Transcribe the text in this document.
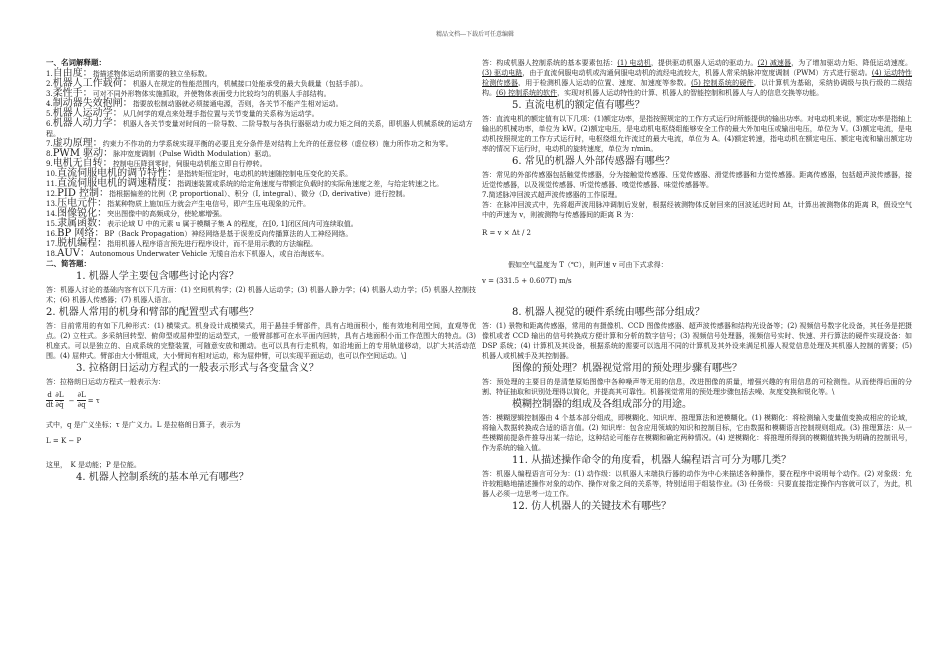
精品文档---下载后可任意编辑
一、名词解释题：

1.自由度：指描述物体运动所需要的独立坐标数。

2.机器人工作载荷：机器人在规定的性能范围内，机械接口处能承受的最大负载量（包括手部）。

3.柔性手：可对不同外形物体实施抓取，并使物体表面受力比较均匀的机器人手部结构。

4.制动器失效抱闸：指要放松制动器就必须接通电源，否则，各关节不能产生相对运动。

5.机器人运动学：从几何学的观点来处理手指位置与关节变量的关系称为运动学。

6.机器人动力学：机器人各关节变量对时间的一阶导数、二阶导数与各执行器驱动力或力矩之间的关系，即机器人机械系统的运动方程。

7.虚功原理：约束力不作功的力学系统实现平衡的必要且充分条件是对结构上允许的任意位移（虚位移）施力所作功之和为零。

8.PWM 驱动：脉冲宽度调制（Pulse Width Modulation）驱动。

9.电机无自转：控制电压降到零时，伺服电动机能立即自行停转。

10.直流伺服电机的调节特性：是指转矩恒定时，电动机的转速随控制电压变化的关系。

11.直流伺服电机的调速精度：指调速装置或系统的给定角速度与带额定负载时的实际角速度之差，与给定转速之比。

12.PID 控制：指根据偏差的比例（P, proportional）、积分（I, integral）、微分（D, derivative）进行控制。

13.压电元件：指某种物质上施加压力就会产生电信号，即产生压电现象的元件。

14.图像锐化：突出图像中的高频成分，使轮廓增强。

15.隶属函数：表示论域 U 中的元素 u 属于模糊子集 A 的程度，在[0, 1]闭区间内可连续取值。

16.BP 网络：BP（Back Propagation）神经网络是基于误差反向传播算法的人工神经网络。

17.脱机编程：指用机器人程序语言预先进行程序设计，而不是用示教的方法编程。

18.AUV：Autonomous Underwater Vehicle 无缆自治水下机器人，或自治海底车。

二、简答题：
1. 机器人学主要包含哪些讨论内容？

答：机器人讨论的基础内容有以下几方面：(1) 空间机构学；(2) 机器人运动学；(3) 机器人静力学；(4) 机器人动力学；(5) 机器人控制技术；(6) 机器人传感器；(7) 机器人语言。

2. 机器人常用的机身和臂部的配置型式有哪些？

答：目前常用的有如下几种形式：(1) 横梁式。机身设计成横梁式，用于悬挂手臂部件，具有占地面积小，能有效地利用空间，直观等优点。(2) 立柱式。多采纳回转型、俯仰型或屈伸型的运动型式，一般臂部都可在水平面内回转，具有占地面积小而工作范围大的特点。(3) 机座式。可以是独立的、自成系统的完整装置，可随意安放和搬动。也可以具有行走机构，如沿地面上的专用轨道移动，以扩大其活动范围。(4) 屈伸式。臂部由大小臂组成，大小臂间有相对运动，称为屈伸臂，可以实现平面运动，也可以作空间运动。\]

3. 拉格朗日运动方程式的一般表示形式与各变量含义？

答：拉格朗日运动方程式一般表示为：

$\frac{d}{dt} \frac{\partial L}{\partial q̇} - \frac{\partial L}{\partial q} = \tau$

式中，q 是广义坐标；τ 是广义力。L 是拉格朗日算子，表示为

L = K − P

这里，　K 是动能；P 是位能。

4. 机器人控制系统的基本单元有哪些？

答：构成机器人控制系统的基本要素包括：(1) 电动机，提供驱动机器人运动的驱动力。(2) 减速器，为了增加驱动力矩、降低运动速度。(3) 驱动电路，由于直流伺服电动机或沟通伺服电动机的流经电流较大，机器人常采纳脉冲宽度调制（PWM）方式进行驱动。(4) 运动特性检测传感器，用于检测机器人运动的位置、速度、加速度等参数。(5) 控制系统的硬件，以计算机为基础，采纳协调级与执行级的二级结构。(6) 控制系统的软件，实现对机器人运动特性的计算、机器人的智能控制和机器人与人的信息交换等功能。

5. 直流电机的额定值有哪些？

答：直流电机的额定值有以下几项：(1)额定功率，是指按照规定的工作方式运行时所能提供的输出功率。对电动机来说，额定功率是指轴上输出的机械功率，单位为 kW。(2)额定电压，是电动机电枢绕组能够安全工作的最大外加电压或输出电压，单位为 V。(3)额定电流，是电动机按照规定的工作方式运行时，电枢绕组允许流过的最大电流，单位为 A。(4)额定转速，指电动机在额定电压、额定电流和输出额定功率的情况下运行时，电动机的旋转速度，单位为 r/min。

6. 常见的机器人外部传感器有哪些？

答：常见的外部传感器包括触觉传感器，分为接触觉传感器、压觉传感器、滑觉传感器和力觉传感器。距离传感器，包括超声波传感器，接近觉传感器，以及视觉传感器、听觉传感器、嗅觉传感器、味觉传感器等。

7.简述脉冲回波式超声波传感器的工作原理。

答：在脉冲回波式中，先将超声波用脉冲调制后发射，根据经被测物体反射回来的回波延迟时间 Δt，计算出被测物体的距离 R，假设空气中的声速为 v，则被测物与传感器间的距离 R 为：

R = v × Δt / 2

假如空气温度为 T（℃），则声速 v 可由下式求得：

v = (331.5 + 0.607T) m/s
8. 机器人视觉的硬件系统由哪些部分组成？

答：(1) 景物和距离传感器，常用的有摄像机、CCD 图像传感器、超声波传感器和结构光设备等；(2) 视频信号数字化设备，其任务是把摄像机或者 CCD 输出的信号转换成方便计算和分析的数字信号；(3) 视频信号处理器，视频信号实时、快速、并行算法的硬件实现设备：如 DSP 系统；(4) 计算机及其设备，根据系统的需要可以选用不同的计算机及其外设来满足机器人视觉信息处理及其机器人控制的需要；(5) 机器人或机械手及其控制器。

图像的预处理？机器视觉常用的预处理步骤有哪些？

答：预处理的主要目的是清楚原始图像中各种噪声等无用的信息，改进图像的质量，增强兴趣的有用信息的可检测性。从而使得后面的分割、特征抽取和识别处理得以简化，并提高其可靠性。机器视觉常用的预处理步骤包括去噪、灰度变换和锐化等。\

模糊控制器的组成及各组成部分的用途。

答：模糊逻辑控制器由 4 个基本部分组成，即模糊化、知识库、推理算法和逆模糊化。(1) 模糊化：将检测输入变量值变换成相应的论域，将输入数据转换成合适的语言值。(2) 知识库：包含应用领域的知识和控制目标，它由数据和模糊语言控制规则组成。(3) 推理算法：从一些模糊前提条件推导出某一结论，这种结论可能存在模糊和确定两种情况。(4) 逆模糊化：将推理所得到的模糊值转换为明确的控制讯号，作为系统的输入值。

11. 从描述操作命令的角度看，机器人编程语言可分为哪几类？

答：机器人编程语言可分为：(1) 动作级：以机器人末端执行器的动作为中心来描述各种操作，要在程序中说明每个动作。(2) 对象级：允许较粗略地描述操作对象的动作、操作对象之间的关系等，特别适用于组装作业。(3) 任务级：只要直接指定操作内容就可以了，为此，机器人必须一边思考一边工作。

12. 仿人机器人的关键技术有哪些？
